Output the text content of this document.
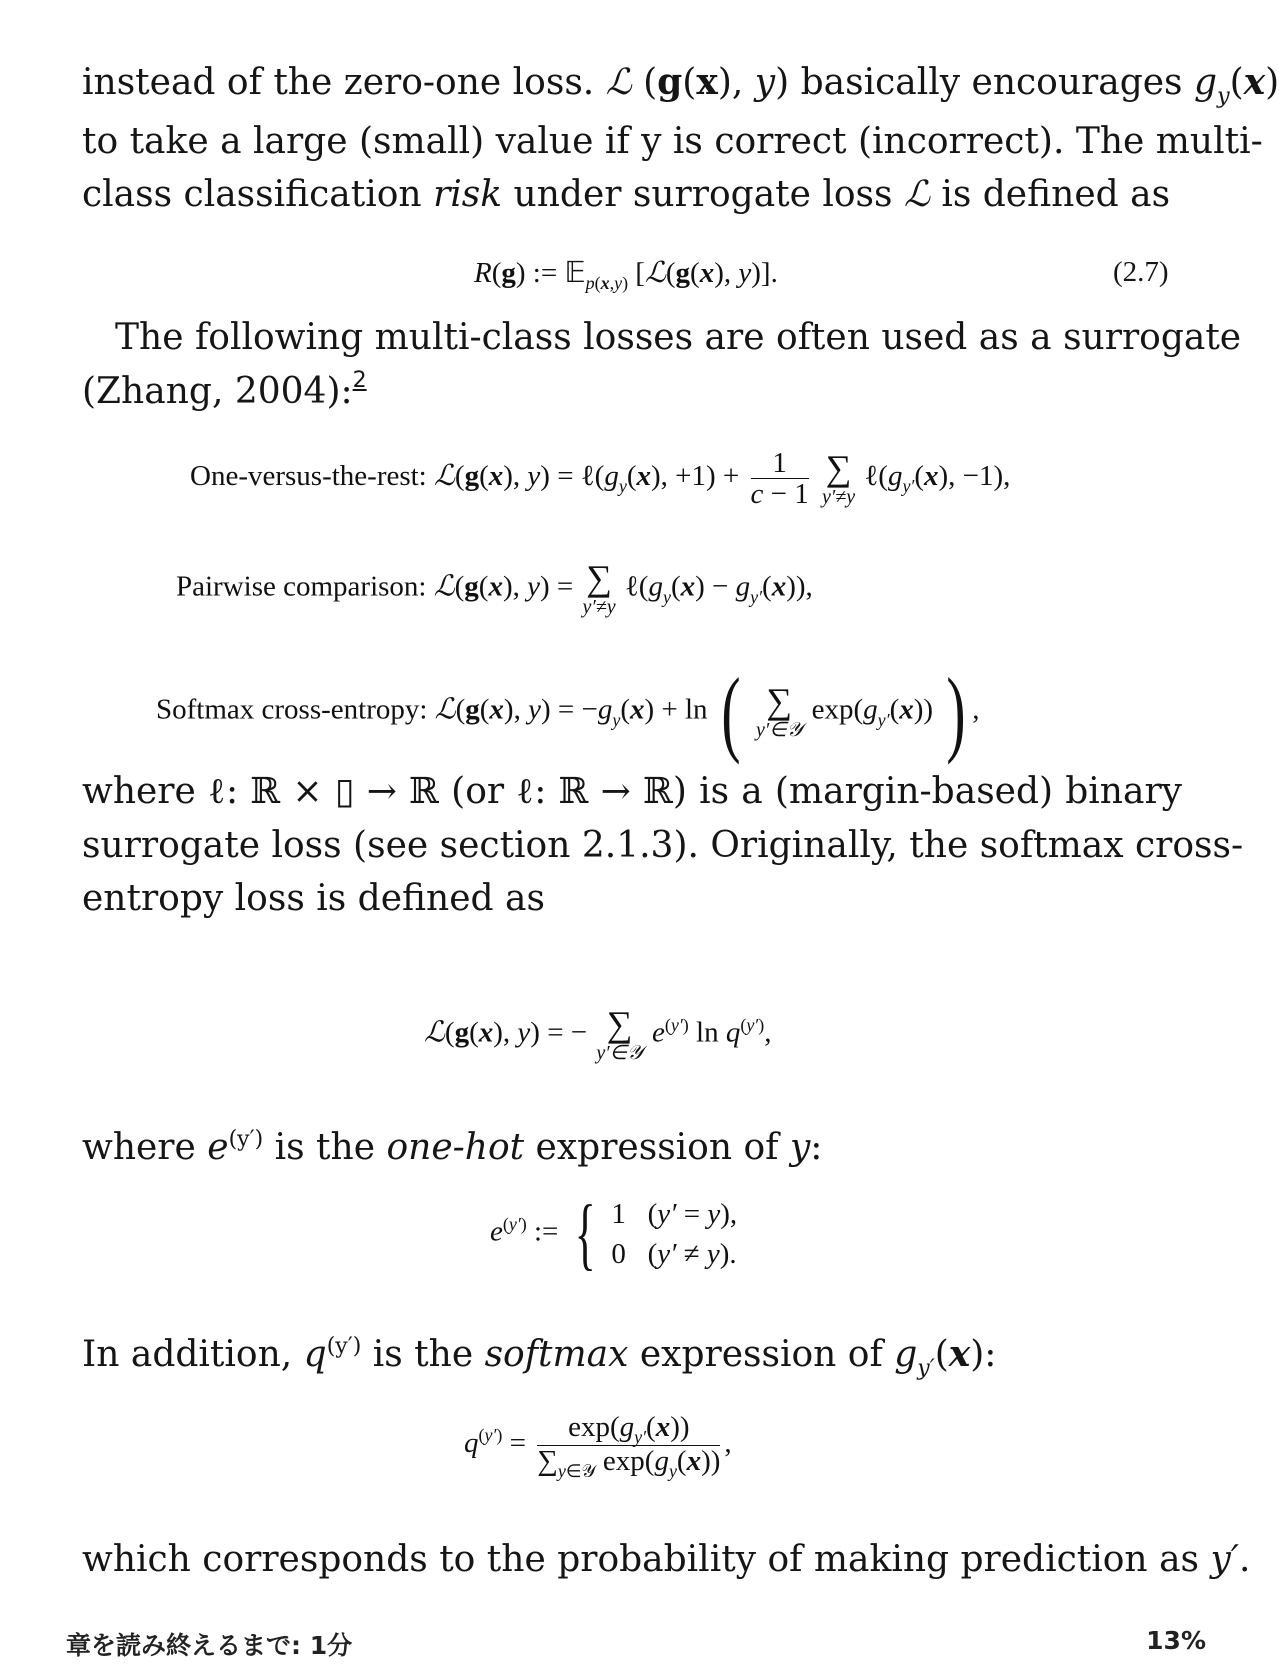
instead of the zero-one loss. ℒ (g(x), y) basically encourages $g_y(x)$
to take a large (small) value if y is correct (incorrect). The multi-
class classification risk under surrogate loss ℒ is defined as
R(g) := 𝔼$_{p(x,y)}$ [ℒ(g(x), y)].	(2.7)
The following multi-class losses are often used as a surrogate
(Zhang, 2004):$^2$
One-versus-the-rest: ℒ(g(x), $y) = \ell(g_y(x)$, $+1) + \frac{1}{c - 1}$
∑
y′≠y
$\ell(g_{y'}(x)$, −1),
Pairwise comparison: ℒ(g(x), y) = ∑
y′≠y
$\ell(g_y(x) - g_{y'}(x))$,
Softmax cross-entropy: ℒ(g(x), $y) = -g_y(x) + \ln$ ( ∑
y′∈𝒴
$\exp(g_{y'}(x))$ ) ,
where ℓ: ℝ × ▯ → ℝ (or ℓ: ℝ → ℝ) is a (margin-based) binary
surrogate loss (see section 2.1.3). Originally, the softmax cross-
entropy loss is defined as
ℒ(g(x), y) = − ∑
y′∈𝒴
$e^{(y')}$ $\ln q^{(y')}$,
where $e^{(y')}$ is the one-hot expression of y:
$e^{(y')}$ := { 1   (y′ = y),
0   (y′ ≠ y).
In addition, $q^{(y')}$ is the softmax expression of $g_{y'}(x)$:
$q^{(y')} = \frac{\exp(g_{y'}(x))}{\sum_{y\in 𝒴} \exp(g_y(x))}$ ,
which corresponds to the probability of making prediction as y′.
章を読み終えるまで: 1分	13%
